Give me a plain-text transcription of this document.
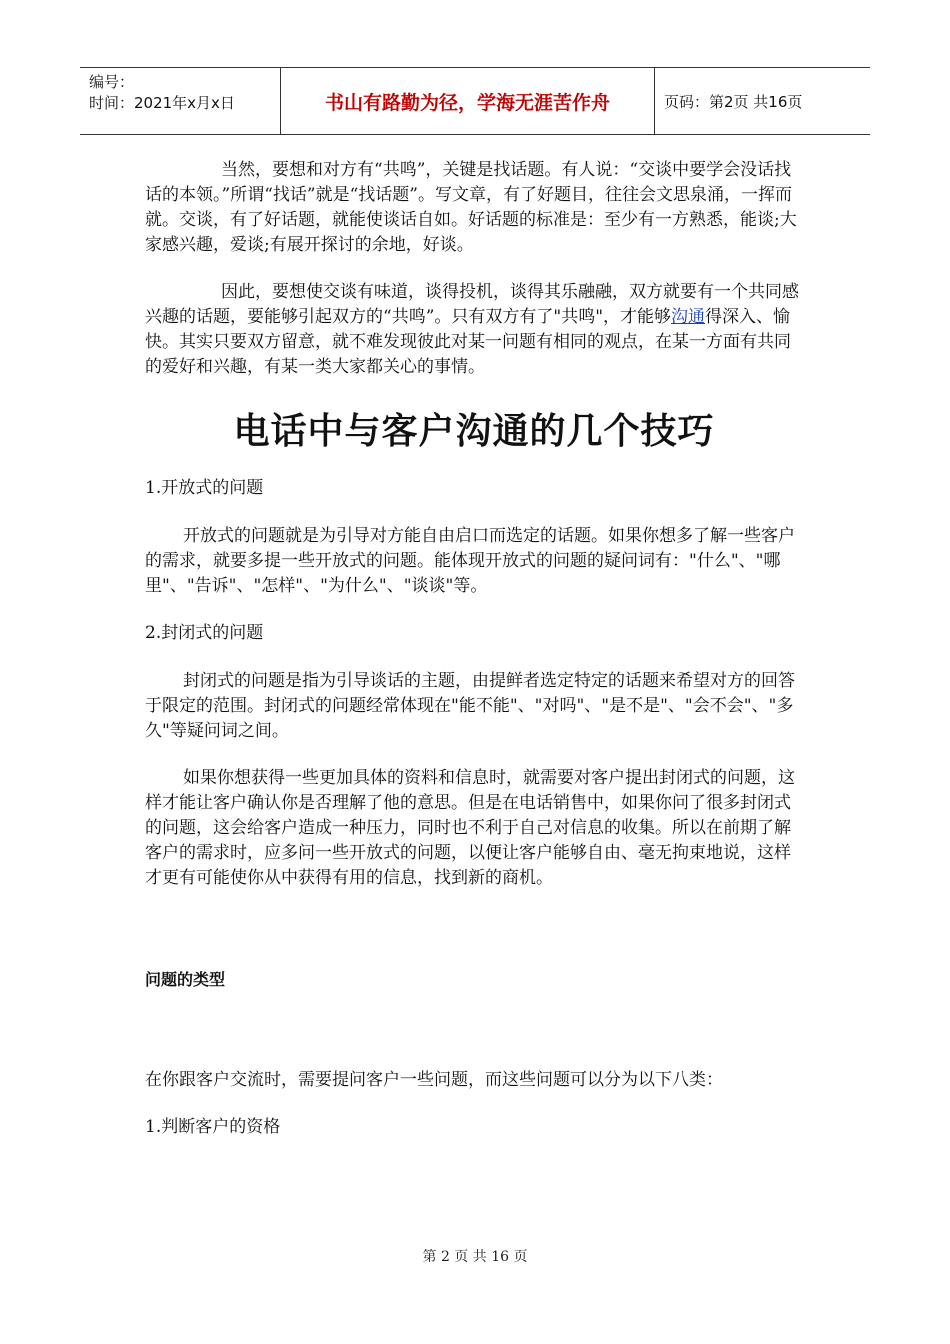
编号：
时间：2021年x月x日	书山有路勤为径，学海无涯苦作舟	页码：第2页 共16页

当然，要想和对方有“共鸣”，关键是找话题。有人说：“交谈中要学会没话找话的本领。”所谓“找话”就是“找话题”。写文章，有了好题目，往往会文思泉涌，一挥而就。交谈，有了好话题，就能使谈话自如。好话题的标准是：至少有一方熟悉，能谈;大家感兴趣，爱谈;有展开探讨的余地，好谈。

因此，要想使交谈有味道，谈得投机，谈得其乐融融，双方就要有一个共同感兴趣的话题，要能够引起双方的“共鸣”。只有双方有了"共鸣"，才能够沟通得深入、愉快。其实只要双方留意，就不难发现彼此对某一问题有相同的观点，在某一方面有共同的爱好和兴趣，有某一类大家都关心的事情。

电话中与客户沟通的几个技巧

1.开放式的问题

开放式的问题就是为引导对方能自由启口而选定的话题。如果你想多了解一些客户的需求，就要多提一些开放式的问题。能体现开放式的问题的疑问词有："什么"、"哪里"、"告诉"、"怎样"、"为什么"、"谈谈"等。

2.封闭式的问题

封闭式的问题是指为引导谈话的主题，由提鲜者选定特定的话题来希望对方的回答于限定的范围。封闭式的问题经常体现在"能不能"、"对吗"、"是不是"、"会不会"、"多久"等疑问词之间。

如果你想获得一些更加具体的资料和信息时，就需要对客户提出封闭式的问题，这样才能让客户确认你是否理解了他的意思。但是在电话销售中，如果你问了很多封闭式的问题，这会给客户造成一种压力，同时也不利于自己对信息的收集。所以在前期了解客户的需求时，应多问一些开放式的问题，以便让客户能够自由、毫无拘束地说，这样才更有可能使你从中获得有用的信息，找到新的商机。

问题的类型

在你跟客户交流时，需要提问客户一些问题，而这些问题可以分为以下八类：

1.判断客户的资格

第 2 页 共 16 页
